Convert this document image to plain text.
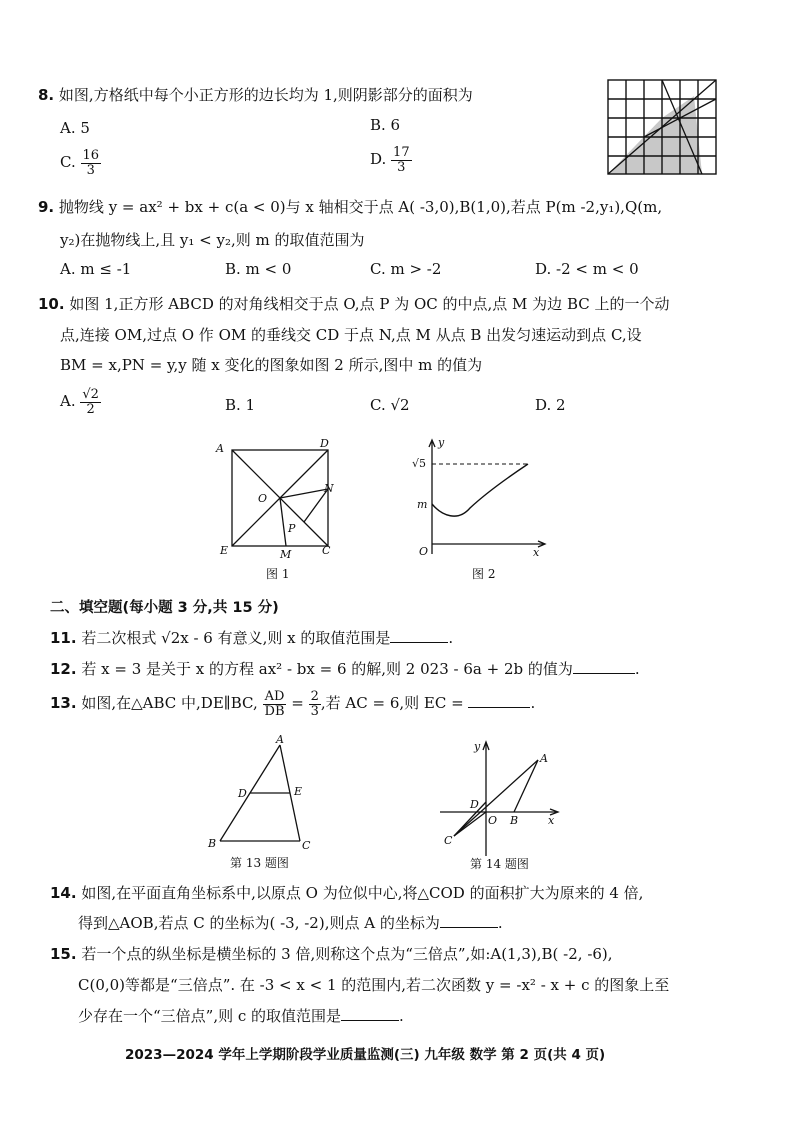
8. 如图,方格纸中每个小正方形的边长均为 1,则阴影部分的面积为
A. 5	B. 6
C. $\frac{16}{3}$	D. $\frac{17}{3}$
9. 抛物线 y = ax² + bx + c(a < 0)与 x 轴相交于点 A( -3,0),B(1,0),若点 P(m -2,y₁),Q(m,
y₂)在抛物线上,且 y₁ < y₂,则 m 的取值范围为
A. m ≤ -1	B. m < 0	C. m > -2	D. -2 < m < 0
10. 如图 1,正方形 ABCD 的对角线相交于点 O,点 P 为 OC 的中点,点 M 为边 BC 上的一个动
点,连接 OM,过点 O 作 OM 的垂线交 CD 于点 N,点 M 从点 B 出发匀速运动到点 C,设
BM = x,PN = y,y 随 x 变化的图象如图 2 所示,图中 m 的值为
A. $\frac{√2}{2}$	B. 1	C. √2	D. 2
A	D
O
N
P
E	M	C
图 1
y
x
O
√5
m
图 2
二、填空题(每小题 3 分,共 15 分)
11. 若二次根式 √2x - 6 有意义,则 x 的取值范围是	.
12. 若 x = 3 是关于 x 的方程 ax² - bx = 6 的解,则 2 023 - 6a + 2b 的值为	.
13. 如图,在△ABC 中,DE∥BC, $\frac{AD}{DB} = \frac{2}{3}$ ,若 AC = 6,则 EC =	.
A
D	E
B	C
第 13 题图
y
A
D
O B	x
C
第 14 题图
14. 如图,在平面直角坐标系中,以原点 O 为位似中心,将△COD 的面积扩大为原来的 4 倍,
得到△AOB,若点 C 的坐标为( -3, -2),则点 A 的坐标为	.
15. 若一个点的纵坐标是横坐标的 3 倍,则称这个点为“三倍点”,如:A(1,3),B( -2, -6),
C(0,0)等都是“三倍点”. 在 -3 < x < 1 的范围内,若二次函数 y = -x² - x + c 的图象上至
少存在一个“三倍点”,则 c 的取值范围是	.
2023—2024 学年上学期阶段学业质量监测(三) 九年级 数学 第 2 页(共 4 页)
